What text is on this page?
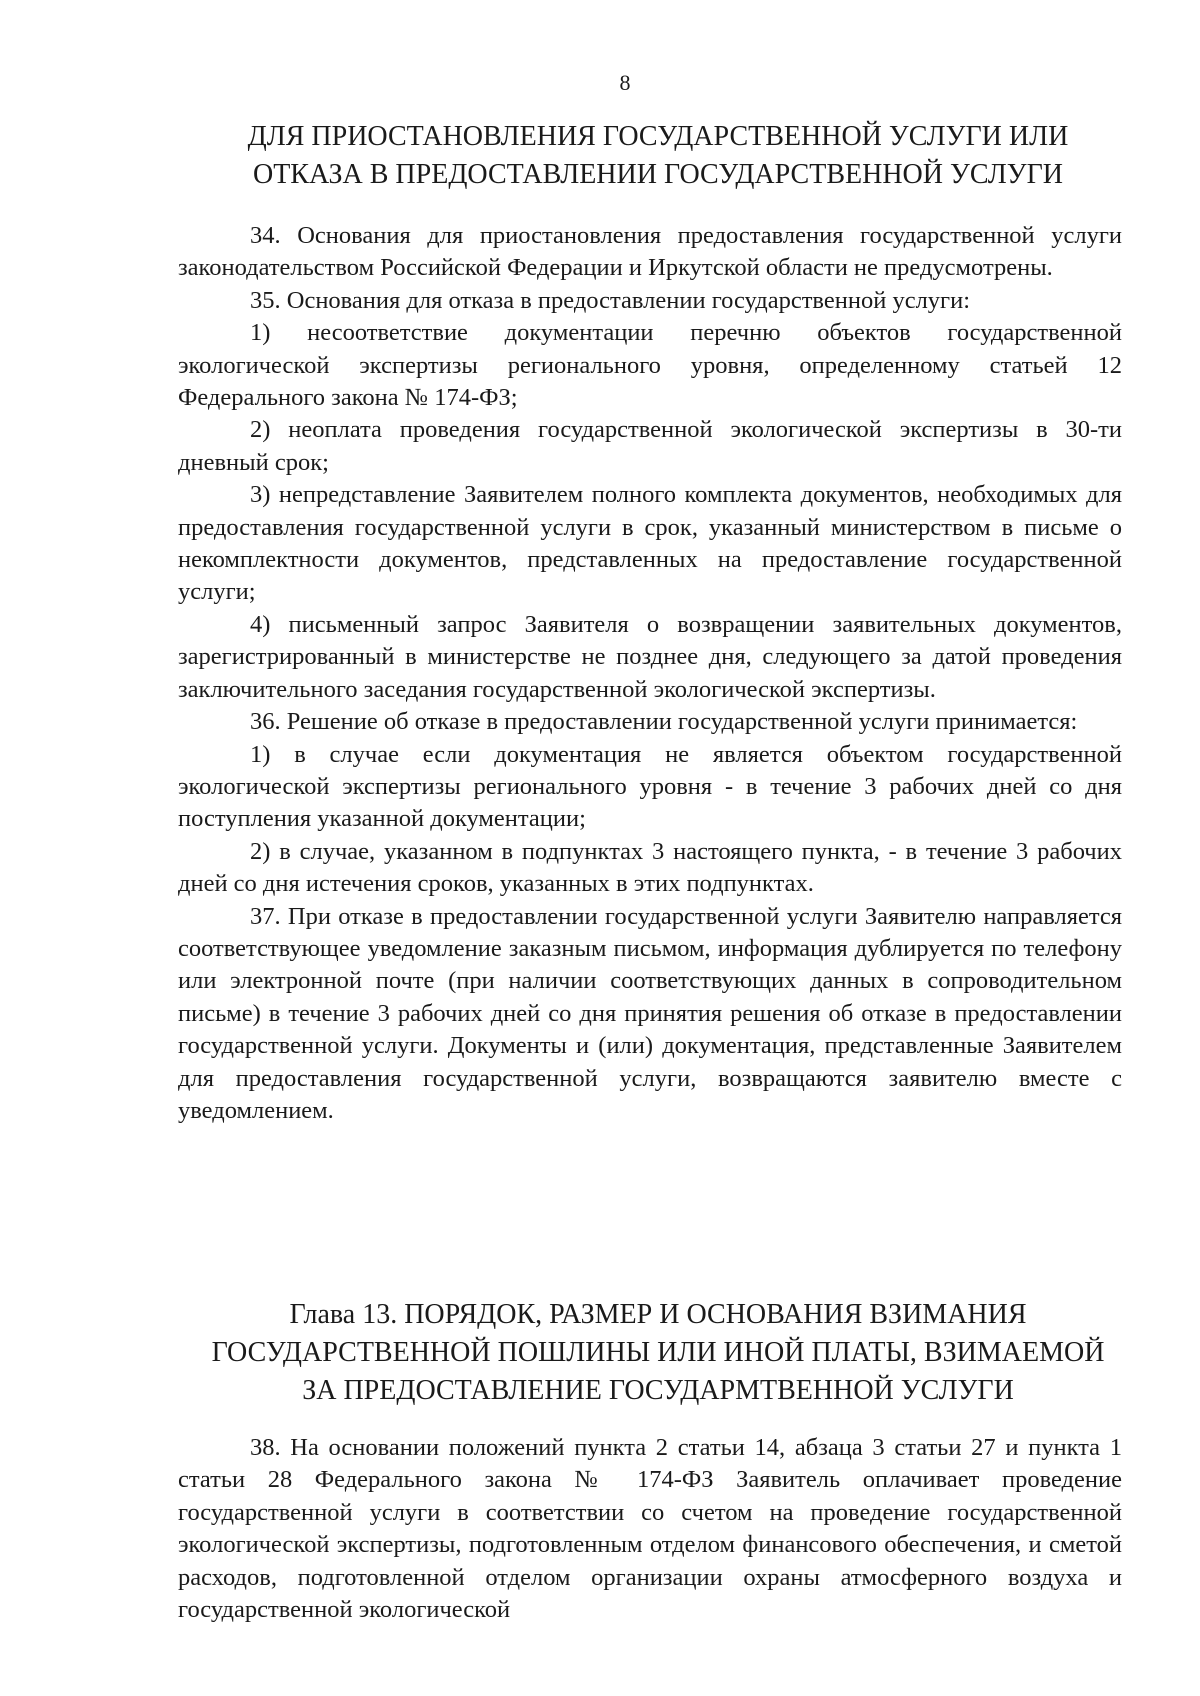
8
ДЛЯ ПРИОСТАНОВЛЕНИЯ ГОСУДАРСТВЕННОЙ УСЛУГИ ИЛИ
ОТКАЗА В ПРЕДОСТАВЛЕНИИ ГОСУДАРСТВЕННОЙ УСЛУГИ

34. Основания для приостановления предоставления государственной услуги законодательством Российской Федерации и Иркутской области не предусмотрены.

35. Основания для отказа в предоставлении государственной услуги:

1) несоответствие документации перечню объектов государственной экологической экспертизы регионального уровня, определенному статьей 12 Федерального закона № 174-ФЗ;

2) неоплата проведения государственной экологической экспертизы в 30-ти дневный срок;

3) непредставление Заявителем полного комплекта документов, необходимых для предоставления государственной услуги в срок, указанный министерством в письме о некомплектности документов, представленных на предоставление государственной услуги;

4) письменный запрос Заявителя о возвращении заявительных документов, зарегистрированный в министерстве не позднее дня, следующего за датой проведения заключительного заседания государственной экологической экспертизы.

36. Решение об отказе в предоставлении государственной услуги принимается:

1) в случае если документация не является объектом государственной экологической экспертизы регионального уровня - в течение 3 рабочих дней со дня поступления указанной документации;

2) в случае, указанном в подпунктах 3 настоящего пункта, - в течение 3 рабочих дней со дня истечения сроков, указанных в этих подпунктах.

37. При отказе в предоставлении государственной услуги Заявителю направляется соответствующее уведомление заказным письмом, информация дублируется по телефону или электронной почте (при наличии соответствующих данных в сопроводительном письме) в течение 3 рабочих дней со дня принятия решения об отказе в предоставлении государственной услуги. Документы и (или) документация, представленные Заявителем для предоставления государственной услуги, возвращаются заявителю вместе с уведомлением.

Глава 13. ПОРЯДОК, РАЗМЕР И ОСНОВАНИЯ ВЗИМАНИЯ
ГОСУДАРСТВЕННОЙ ПОШЛИНЫ ИЛИ ИНОЙ ПЛАТЫ, ВЗИМАЕМОЙ
ЗА ПРЕДОСТАВЛЕНИЕ ГОСУДАРМТВЕННОЙ УСЛУГИ

38. На основании положений пункта 2 статьи 14, абзаца 3 статьи 27 и пункта 1 статьи 28 Федерального закона № 174-ФЗ Заявитель оплачивает проведение государственной услуги в соответствии со счетом на проведение государственной экологической экспертизы, подготовленным отделом финансового обеспечения, и сметой расходов, подготовленной отделом организации охраны атмосферного воздуха и государственной экологической
